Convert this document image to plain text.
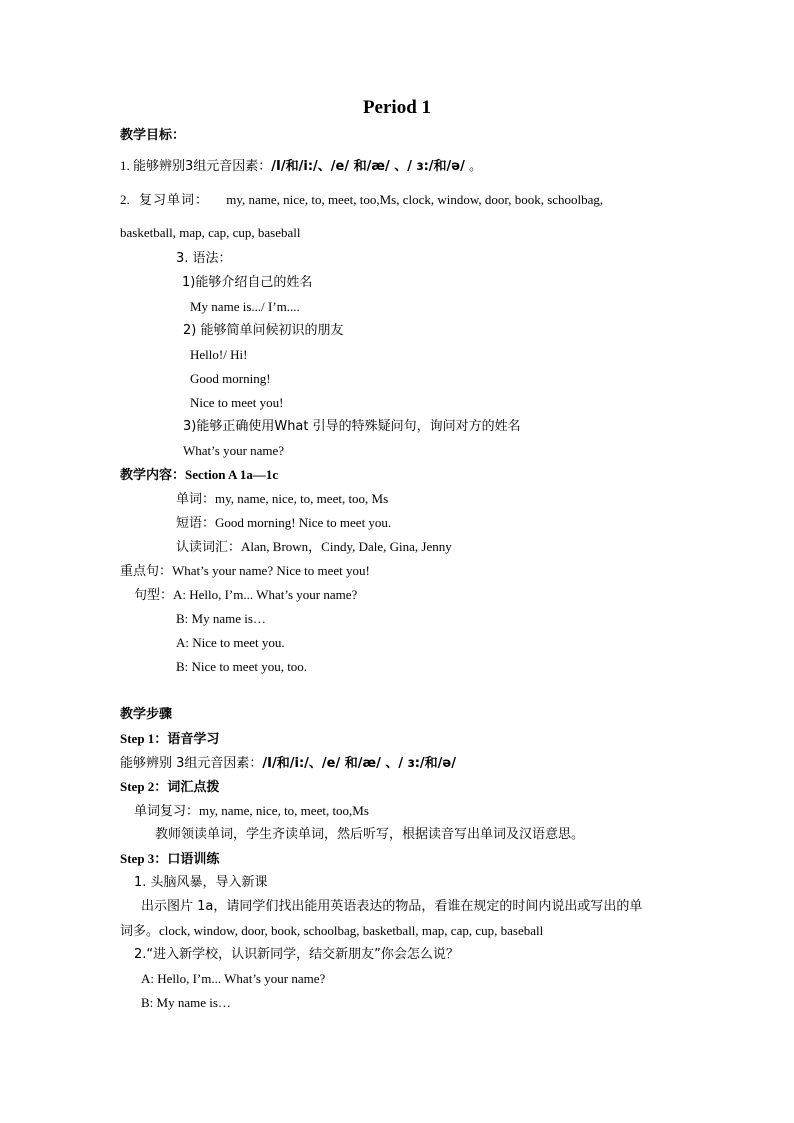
Period 1
教学目标：
1. 能够辨别3组元音因素：/I/和/i:/、/e/ 和/æ/ 、/ ɜ:/和/ə/ 。
2. 复习单词： my, name, nice, to, meet, too,Ms, clock, window, door, book, schoolbag,
basketball, map, cap, cup, baseball
3. 语法：
1)能够介绍自己的姓名
My name is.../ I’m....
2) 能够简单问候初识的朋友
Hello!/ Hi!
Good morning!
Nice to meet you!
3)能够正确使用What 引导的特殊疑问句，询问对方的姓名
What’s your name?
教学内容：Section A 1a—1c
单词：my, name, nice, to, meet, too, Ms
短语：Good morning! Nice to meet you.
认读词汇：Alan, Brown，Cindy, Dale, Gina, Jenny
重点句：What’s your name? Nice to meet you!
句型：A: Hello, I’m... What’s your name?
B: My name is…
A: Nice to meet you.
B: Nice to meet you, too.
教学步骤
Step 1：语音学习
能够辨别 3组元音因素：/I/和/i:/、/e/ 和/æ/ 、/ ɜ:/和/ə/
Step 2：词汇点拨
单词复习：my, name, nice, to, meet, too,Ms
教师领读单词，学生齐读单词，然后听写，根据读音写出单词及汉语意思。
Step 3：口语训练
1. 头脑风暴，导入新课
出示图片 1a，请同学们找出能用英语表达的物品，看谁在规定的时间内说出或写出的单
词多。clock, window, door, book, schoolbag, basketball, map, cap, cup, baseball
2.“进入新学校，认识新同学，结交新朋友”你会怎么说？
A: Hello, I’m... What’s your name?
B: My name is…
